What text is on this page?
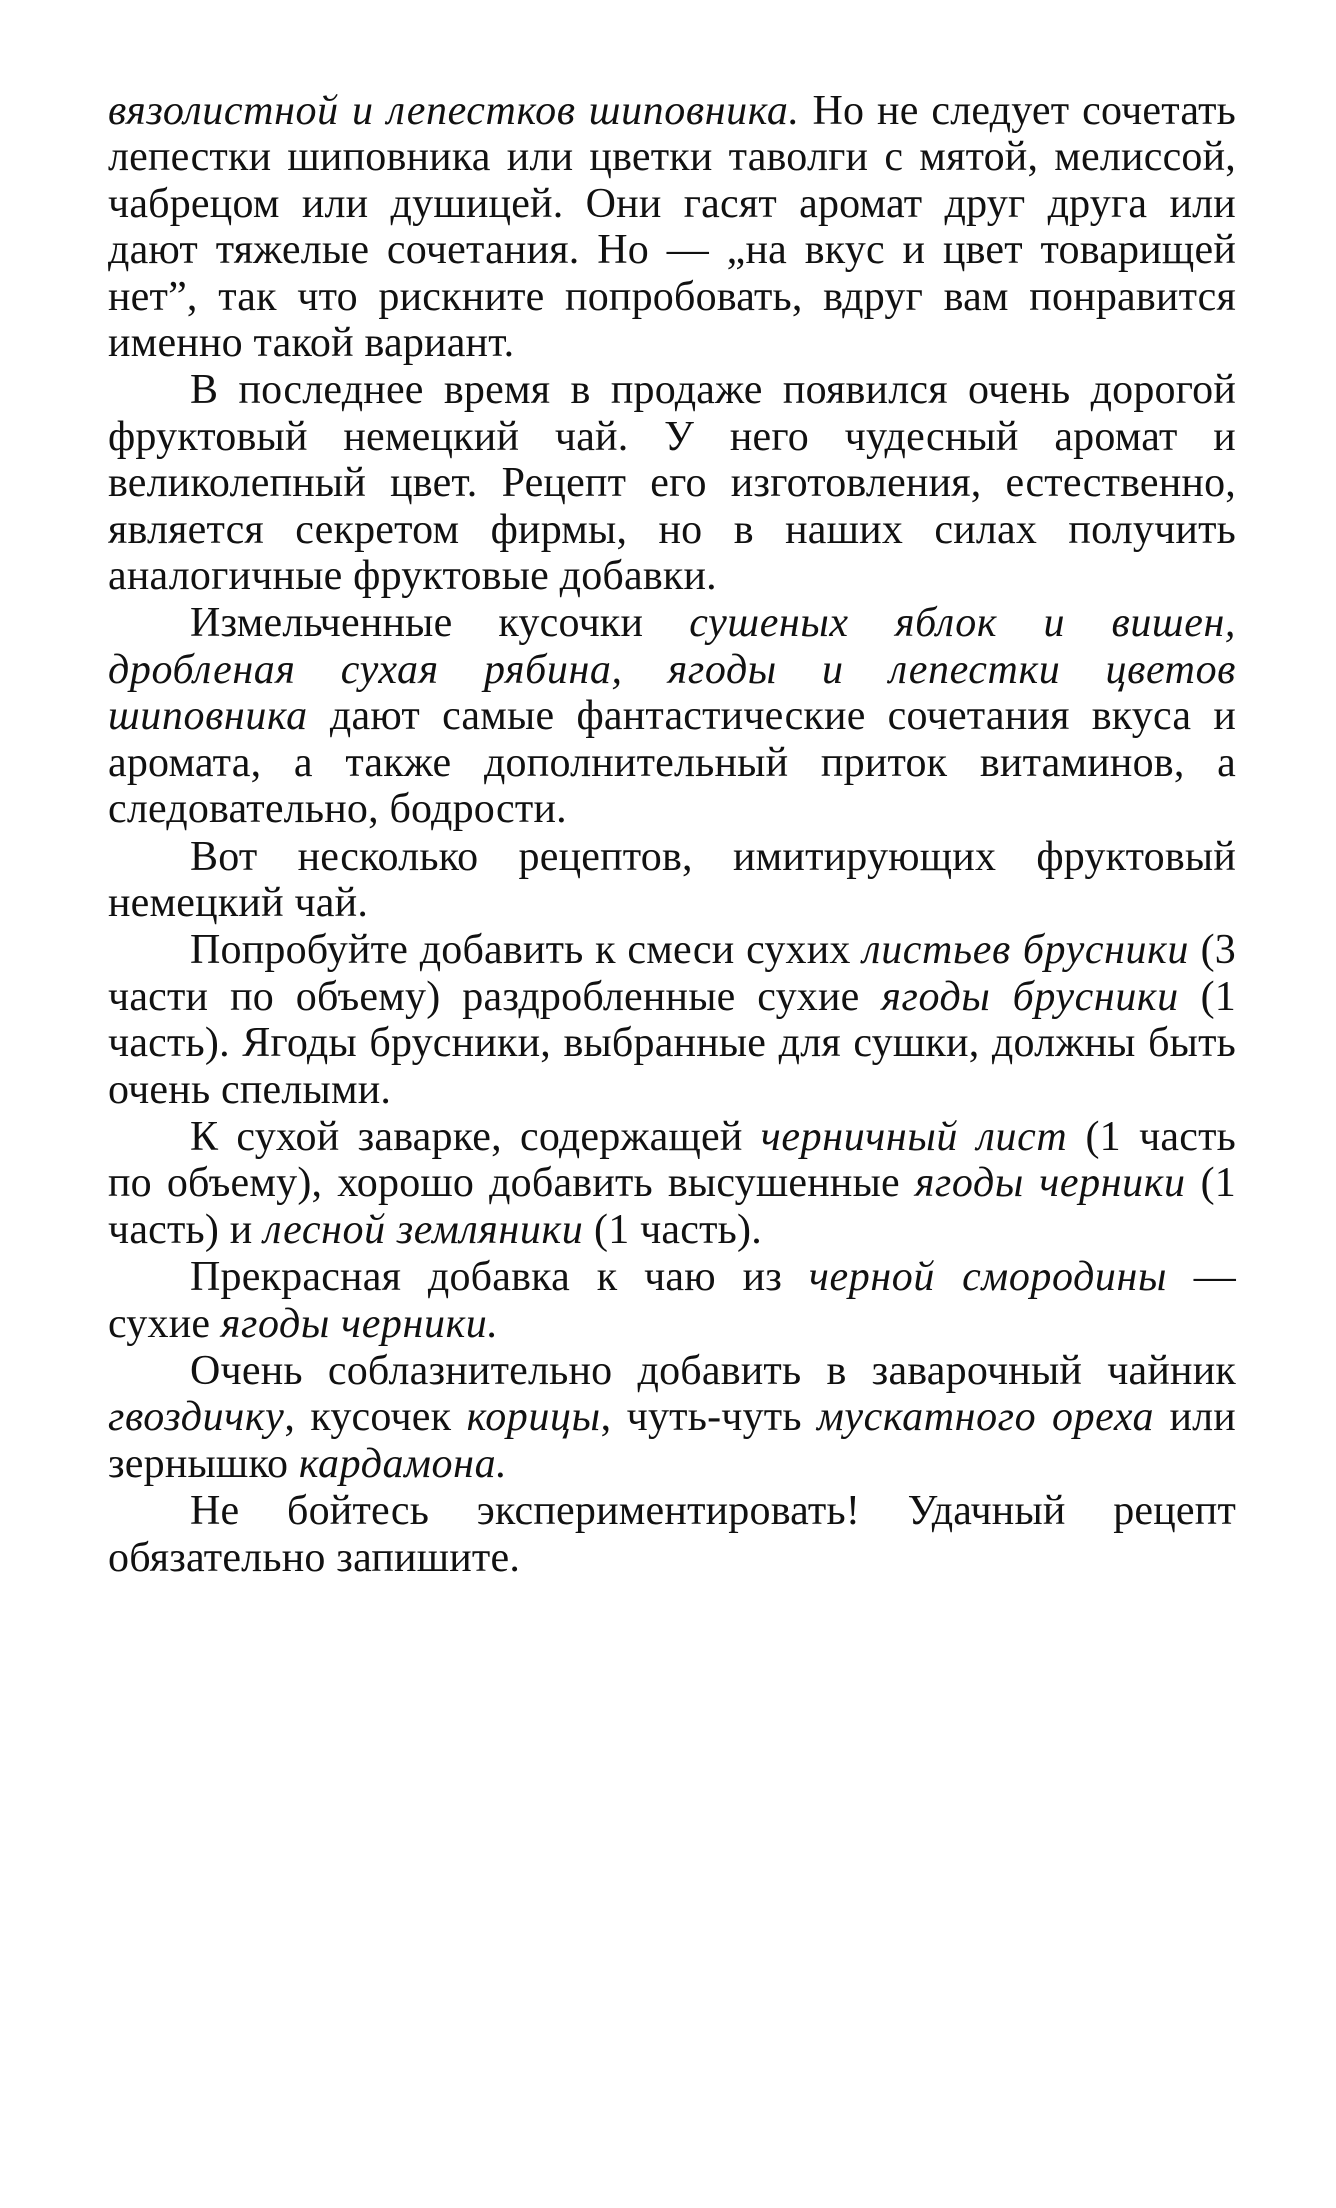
вязолистной и лепестков шиповника. Но не следует сочетать лепестки шиповника или цветки таволги с мятой, мелиссой, чабрецом или душицей. Они гасят аромат друг друга или дают тяжелые сочетания. Но — „на вкус и цвет товарищей нет”, так что рискните попробовать, вдруг вам понравится именно такой вариант.

В последнее время в продаже появился очень дорогой фруктовый немецкий чай. У него чудесный аромат и великолепный цвет. Рецепт его изготовления, естественно, является секретом фирмы, но в наших силах получить аналогичные фруктовые добавки.

Измельченные кусочки сушеных яблок и вишен, дробленая сухая рябина, ягоды и лепестки цветов шиповника дают самые фантастические сочетания вкуса и аромата, а также дополнительный приток витаминов, а следовательно, бодрости.

Вот несколько рецептов, имитирующих фруктовый немецкий чай.

Попробуйте добавить к смеси сухих листьев брусники (3 части по объему) раздробленные сухие ягоды брусники (1 часть). Ягоды брусники, выбранные для сушки, должны быть очень спелыми.

К сухой заварке, содержащей черничный лист (1 часть по объему), хорошо добавить высушенные ягоды черники (1 часть) и лесной земляники (1 часть).

Прекрасная добавка к чаю из черной смородины — сухие ягоды черники.

Очень соблазнительно добавить в заварочный чайник гвоздичку, кусочек корицы, чуть-чуть мускатного ореха или зернышко кардамона.

Не бойтесь экспериментировать! Удачный рецепт обязательно запишите.
